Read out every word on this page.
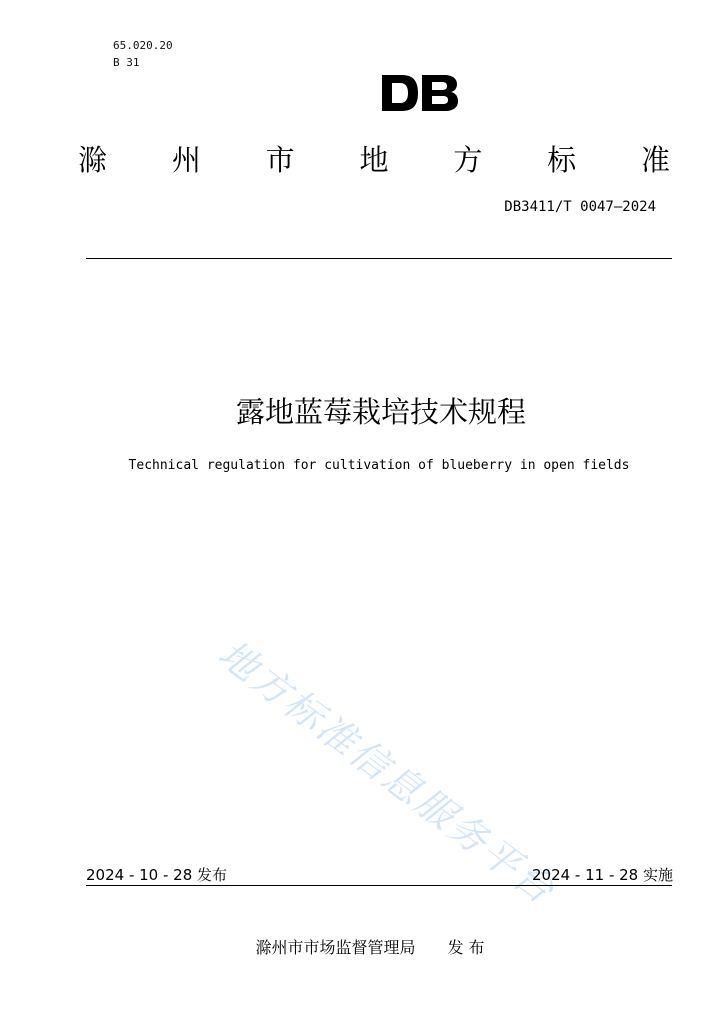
65.020.20
B 31
滁 州 市 地 方 标 准
DB3411/T 0047—2024
露地蓝莓栽培技术规程
Technical regulation for cultivation of blueberry in open fields
地方标准信息服务平台
2024 - 10 - 28 发布	2024 - 11 - 28 实施
滁州市市场监督管理局 发 布
